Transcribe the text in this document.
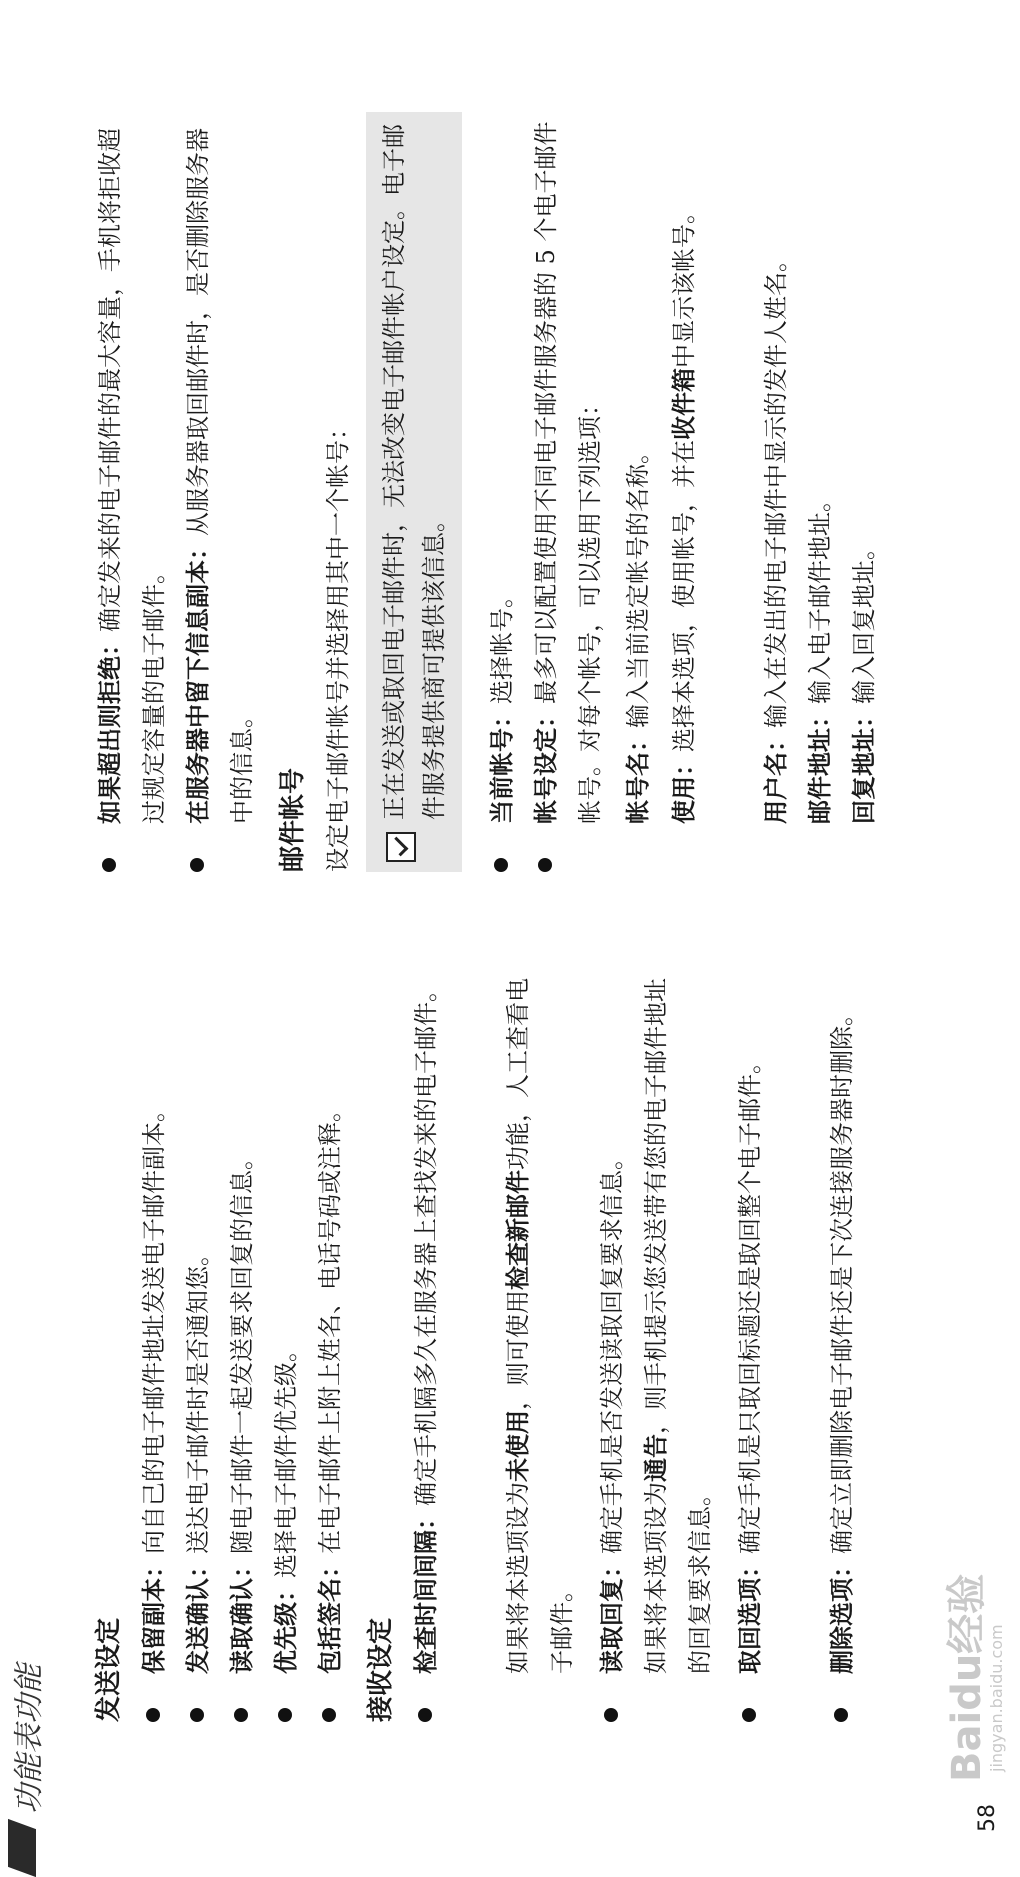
功能表功能 发送设定 保留副本：向自己的电子邮件地址发送电子邮件副本。
发送确认：送达电子邮件时是否通知您。
读取确认：随电子邮件一起发送要求回复的信息。
优先级：选择电子邮件优先级。
包括签名：在电子邮件上附上姓名、电话号码或注释。
接收设定 检查时间间隔：确定手机隔多久在服务器上查找发来的电子邮件。
如果将本选项设为未使用，则可使用检查新邮件功能，人工查看电子邮件。 读取回复：确定手机是否发送读取回复要求信息。
如果将本选项设为通告，则手机提示您发送带有您的电子邮件地址的回复要求信息。 取回选项：确定手机是只取回标题还是取回整个电子邮件。
删除选项：确定立即删除电子邮件还是下次连接服务器时删除。
如果超出则拒绝：确定发来的电子邮件的最大容量，手机将拒收超过规定容量的电子邮件。 在服务器中留下信息副本：从服务器取回邮件时，是否删除服务器中的信息。 邮件帐号 设定电子邮件帐号并选择用其中一个帐号： 正在发送或取回电子邮件时，无法改变电子邮件帐户设定。电子邮件服务提供商可提供该信息。	当前帐号：选择帐号。
帐号设定：最多可以配置使用不同电子邮件服务器的 5 个电子邮件帐号。对每个帐号，可以选用下列选项： 帐号名：输入当前选定帐号的名称。
使用：选择本选项，使用帐号，并在收件箱中显示该帐号。
用户名：输入在发出的电子邮件中显示的发件人姓名。
邮件地址：输入电子邮件地址。
回复地址：输入回复地址。
58
Baidu经验
jingyan.baidu.com
